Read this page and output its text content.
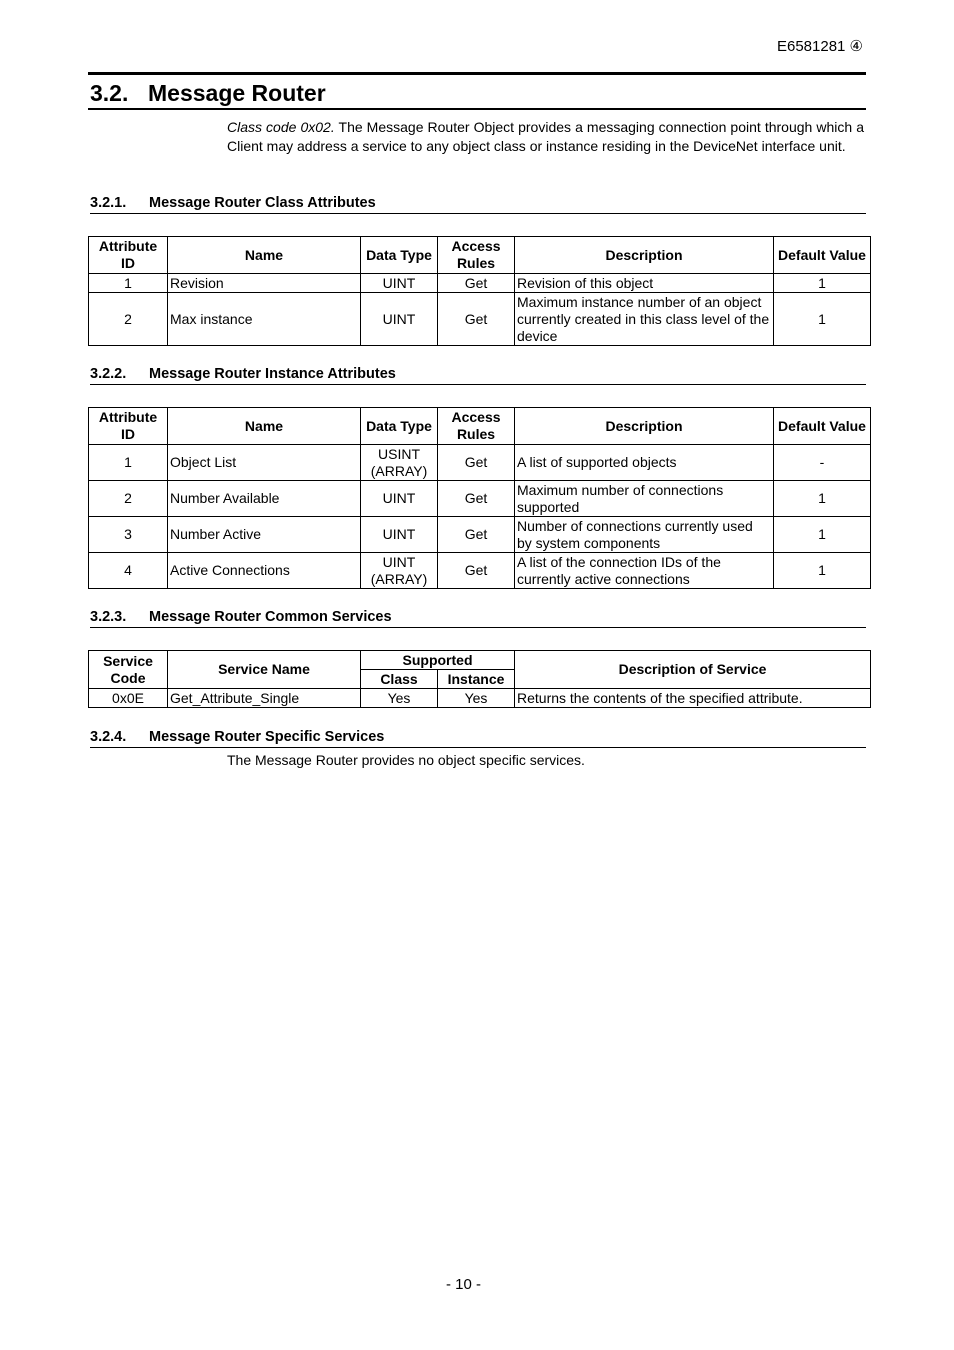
E6581281 ④
3.2. Message Router

Class code 0x02. The Message Router Object provides a messaging connection point through which a Client may address a service to any object class or instance residing in the DeviceNet interface unit.

3.2.1. Message Router Class Attributes
Attribute ID	Name	Data Type	Access Rules	Description	Default Value
1	Revision	UINT	Get	Revision of this object	1
2	Max instance	UINT	Get	Maximum instance number of an object currently created in this class level of the device	1
3.2.2. Message Router Instance Attributes
Attribute ID	Name	Data Type	Access Rules	Description	Default Value
1	Object List	USINT (ARRAY)	Get	A list of supported objects	-
2	Number Available	UINT	Get	Maximum number of connections supported	1
3	Number Active	UINT	Get	Number of connections currently used by system components	1
4	Active Connections	UINT (ARRAY)	Get	A list of the connection IDs of the currently active connections	1
3.2.3. Message Router Common Services
Service Code	Service Name	Supported		Description of Service
		Class	Instance	
0x0E	Get_Attribute_Single	Yes	Yes	Returns the contents of the specified attribute.
3.2.4. Message Router Specific Services

The Message Router provides no object specific services.

- 10 -
